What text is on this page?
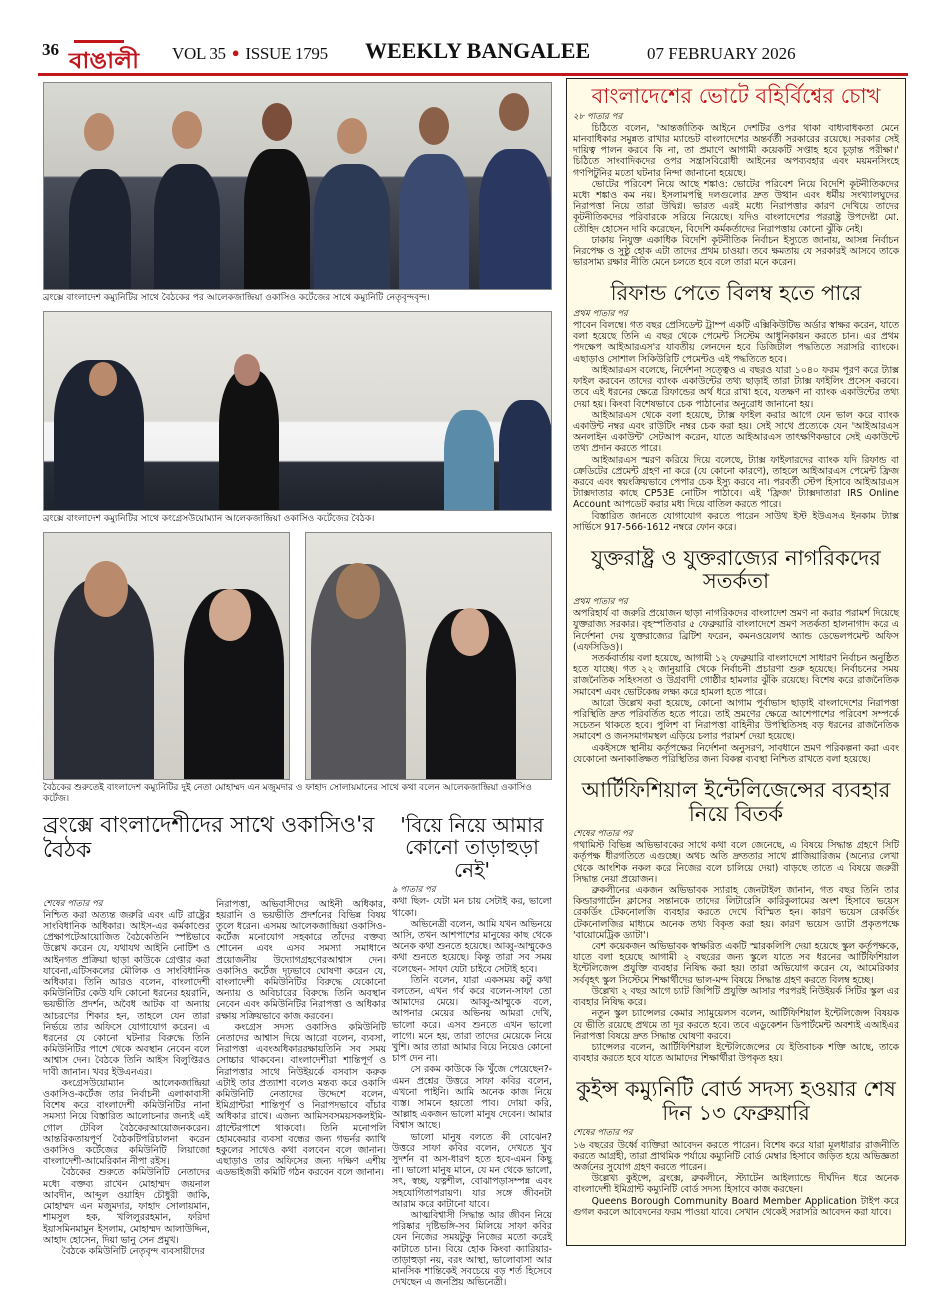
36 বাঙালী	VOL 35 ● ISSUE 1795 WEEKLY BANGALEE	07 FEBRUARY 2026
ব্রংক্সে বাংলাদেশ কম্যুনিটির সাথে বৈঠকের পর আলেকজান্দ্রিয়া ওকাসিও কর্টেজের সাথে কম্যুনিটি নেতৃবৃন্দবৃন্দ।
ব্রংক্সে বাংলাদেশ কম্যুনিটির সাথে কংগ্রেসউয়োম্যান আলেকজান্দ্রিয়া ওকাসিও কর্টেজের বৈঠক।
বৈঠকের শুরুতেই বাংলাদেশ কম্যুনিটির দুই নেতা মোহাম্মদ এন মজুমদার ও ফাহাদ সোলায়মানের সাথে কথা বলেন আলেকজান্দ্রিয়া ওকাসিও কর্টেজ।
ব্রংক্সে বাংলাদেশীদের সাথে ওকাসিও'র বৈঠক

শেষের পাতার পর

নিশ্চিত করা অত্যন্ত জরুরি এবং এটি রাষ্ট্রের সাংবিধানিক অধিকার। আইস-এর কর্মকাণ্ডের প্রেক্ষাপটেআয়োজিত বৈঠকেতিনি স্পষ্টভাবে উল্লেখ করেন যে, যথাযথ আইনি নোটিশ ও আইনগত প্রক্রিয়া ছাড়া কাউকে গ্রেপ্তার করা যাবেনা,এটিসকলের মৌলিক ও সাংবিধানিক অধিকার। তিনি আরও বলেন, বাংলাদেশী কমিউনিটির কেউ যদি কোনো ধরনের হয়রানি, ভয়ভীতি প্রদর্শন, অবৈধ আটক বা অন্যায় আচরণের শিকার হন, তাহলে যেন তারা নির্ভয়ে তার অফিসে যোগাযোগ করেন। এ ধরনের যে কোনো ঘটনার বিরুদ্ধে তিনি কমিউনিটির পাশে থেকে অবস্থান নেবেন বলে আশ্বাস দেন। বৈঠকে তিনি আইস বিলুপ্তিরও দাবী জানান। খবর ইউএনএর।

কংগ্রেসউয়োম্যান আলেকজান্দ্রিয়া ওকাসিও-কর্টেজ তার নির্বাচনী এলাকাবাসী বিশেষ করে বাংলাদেশী কমিউনিটির নানা সমস্যা নিয়ে বিস্তারিত আলোচনার জন্যই এই গোল টেবিল বৈঠকেরআয়োজনকরেন। আন্তরিকতায়পূর্ণ বৈঠকটিপরিচালনা করেন ওকাসিও কর্টেজের কমিউনিটি লিয়াজো বাংলাদেশী-আমেরিকান নীপা রইস।

বৈঠকের শুরুতে কমিউনিটি নেতাদের মধ্যে বক্তব্য রাখেন মোহাম্মদ জয়নাল আবদীন, আব্দুল ওয়াহিদ চৌধুরী জাকি, মোহাম্মদ এন মজুমদার, ফাহাদ সোলায়মান, শামসুল হক, খলিলুররহমান, ফরিদা ইয়াসমিনমামুন ইসলাম, মোহাম্মদ আলাউদ্দিন, আহাদ হোসেন, দিয়া ভানু সেন প্রমুখ।

বৈঠকে কমিউনিটি নেতৃবৃন্দ ব্যবসায়ীদের

নিরাপত্তা, অভিবাসীদের আইনী অধিকার, হয়রানি ও ভয়ভীতি প্রদর্শনের বিভিন্ন বিষয় তুলে ধরেন। এসময় আলেকজান্দ্রিয়া ওকাসিও-কর্টেজ মনোযোগ সহকারে তাঁদের বক্তব্য শোনেন এবং এসব সমস্যা সমাধানে প্রয়োজনীয় উদ্যোগগ্রহণেরআশ্বাস দেন।ওকাসিও কর্টেজ দৃঢ়ভাবে ঘোষণা করেন যে, বাংলাদেশী কমিউনিটির বিরুদ্ধে যেকোনো অন্যায় ও অবিচারের বিরুদ্ধে তিনি অবস্থান নেবেন এবং কমিউনিটির নিরাপত্তা ও অধিকার রক্ষায় সক্রিয়ভাবে কাজ করবেন।

কংগ্রেস সদস্য ওকাসিও কমিউনিটি নেতাদের আশ্বাস দিয়ে আরো বলেন, ব্যবসা, নিরাপত্তা এবংঅধিকাররক্ষায়তিনি সব সময় সোচ্চার থাকবেন। বাংলাদেশীরা শান্তিপূর্ণ ও নিরাপত্তার সাথে নিউইয়র্কে বসবাস করুক এটাই তার প্রত্যাশা বলেও মন্তব্য করে ওকাসি কমিউনিটি নেতাদের উদ্দেশে বলেন, ইমিগ্রান্টরা শান্তিপূর্ণ ও নিরাপদভাবে বাঁচার অধিকার রাখে। এজন্য আমিসবসময়সকলইমি-গ্রান্টেরপাশে থাকবো। তিনি মনোপলি হোমকেয়ার ব্যবসা বন্ধের জন্য গভর্নর ক্যাথি হকুলের সাথেও কথা বলবেন বলে জানান। এছাড়াও তার অফিসের জন্য দক্ষিণ এশীয় এডভাইজরী কমিটি গঠন করবেন বলে জানান।

'বিয়ে নিয়ে আমার কোনো তাড়াহুড়া নেই'

৯ পাতার পর

কথা ছিল- যেটা মন চায় সেটাই কর, ভালো থাকো।

অভিনেত্রী বলেন, আমি যখন অভিনয়ে আসি, তখন আশপাশের মানুষের কাছ থেকে অনেক কথা শুনতে হয়েছে। আব্বু-আম্মুকেও কথা শুনতে হয়েছে। কিন্তু তারা সব সময় বলেছেন- সাফা যেটা চাইবে সেটাই হবে।

তিনি বলেন, যারা একসময় কটু কথা বলতেন, এখন গর্ব করে বলেন-সাফা তো আমাদের মেয়ে। আব্বু-আম্মুকে বলে, আপনার মেয়ের অভিনয় আমরা দেখি, ভালো করে। এসব শুনতে এখন ভালো লাগে। মনে হয়, তারা তাদের মেয়েকে নিয়ে খুশি। আর তারা আমার বিয়ে নিয়েও কোনো চাপ দেন না।

সে রকম কাউকে কি খুঁজে পেয়েছেন?- এমন প্রশ্নের উত্তরে সাফা কবির বলেন, এখনো পাইনি। আমি অনেক কাজ নিয়ে ব্যস্ত। সামনে হয়তো পাব। দোয়া করি, আল্লাহ একজন ভালো মানুষ দেবেন। আমার বিশ্বাস আছে।

ভালো মানুষ বলতে কী বোঝেন? উত্তরে সাফা কবির বলেন, দেখতে খুব সুদর্শন বা অস-ধারণ হতে হবে-এমন কিছু না। ভালো মানুষ মানে, যে মন থেকে ভালো, সৎ, স্বচ্ছ, যত্নশীল, বোঝাপড়াসম্পন্ন এবং সহযোগিতাপরায়ণ। যার সঙ্গে জীবনটা আরাম করে কাটানো যাবে।

আত্মবিশ্বাসী সিদ্ধান্ত আর জীবন নিয়ে পরিষ্কার দৃষ্টিভঙ্গি-সব মিলিয়ে সাফা কবির যেন নিজের সময়টুকু নিজের মতো করেই কাটাতে চান। বিয়ে হোক কিংবা ক্যারিয়ার-তাড়াহুড়া নয়, বরং আস্থা, ভালোবাসা আর মানসিক শান্তিকেই সবচেয়ে বড় শর্ত হিসেবে দেখছেন এ জনপ্রিয় অভিনেত্রী।

বাংলাদেশের ভোটে বহির্বিশ্বের চোখ

২৮ পাতার পর

চিঠিতে বলেন, 'আন্তর্জাতিক আইনে দেশটির ওপর থাকা বাধ্যবাধকতা মেনে মানবাধিকার সমুন্নত রাখার ম্যান্ডেট বাংলাদেশের অন্তর্বর্তী সরকারের রয়েছে। সরকার সেই দায়িত্ব পালন করবে কি না, তা প্রমাণে আগামী কয়েকটি সপ্তাহ হবে চূড়ান্ত পরীক্ষা।' চিঠিতে সাংবাদিকদের ওপর সন্ত্রাসবিরোধী আইনের অপব্যবহার এবং ময়মনসিংহে গণপিটুনির মতো ঘটনার নিন্দা জানানো হয়েছে।

ভোটের পরিবেশ নিয়ে আছে শঙ্কাও: ভোটের পরিবেশ নিয়ে বিদেশি কূটনীতিকদের মধ্যে শঙ্কাও কম নয়। ইসলামপন্থি দলগুলোর দ্রুত উত্থান এবং ধর্মীয় সংখ্যালঘুদের নিরাপত্তা নিয়ে তারা উদ্বিগ্ন। ভারত এরই মধ্যে নিরাপত্তার কারণ দেখিয়ে তাদের কূটনীতিকদের পরিবারকে সরিয়ে নিয়েছে। যদিও বাংলাদেশের পররাষ্ট্র উপদেষ্টা মো. তৌহিদ হোসেন দাবি করেছেন, বিদেশি কর্মকর্তাদের নিরাপত্তায় কোনো ঝুঁকি নেই।

ঢাকায় নিযুক্ত একাধিক বিদেশি কূটনীতিক নির্বাচন ইস্যুতে জানায়, আসন্ন নির্বাচন নিরপেক্ষ ও সুষ্ঠু হোক এটা তাদের প্রথম চাওয়া। তবে ক্ষমতায় যে সরকারই আসবে তাকে ভারসাম্য রক্ষার নীতি মেনে চলতে হবে বলে তারা মনে করেন।

রিফান্ড পেতে বিলম্ব হতে পারে

প্রথম পাতার পর

পাবেন বিলম্বে। গত বছর প্রেসিডেন্ট ট্রাম্প একটি এক্সিকিউটিভ অর্ডার স্বাক্ষর করেন, যাতে বলা হয়েছে তিনি এ বছর থেকে পেমেন্ট সিস্টেম আধুনিকায়ন করতে চান। এর প্রথম পদক্ষেপ আইআরএস'র যাবতীয় লেনদেন হবে ডিজিটাল পদ্ধতিতে সরাসরি ব্যাংকে। এছাড়াও সোশাল সিকিউরিটি পেমেন্টও এই পদ্ধতিতে হবে।

আইআরএস বলেছে, নির্দেশনা সত্ত্বেও এ বছরও যারা ১০৪০ ফরম পূরণ করে ট্যাক্স ফাইল করবেন তাদের ব্যাংক একাউন্টের তথ্য ছাড়াই তারা ট্যাক্স ফাইলিং প্রসেস করবে। তবে এই ধরনের ক্ষেত্রে রিফান্ডের অর্থ ধরে রাখা হবে, যতক্ষণ না ব্যাংক একাউন্টের তথ্য দেয়া হয়। কিংবা বিশেষভাবে চেক পাঠানোর অনুরোধ জানানো হয়।

আইআরএস থেকে বলা হয়েছে, ট্যাক্স ফাইল করার আগে যেন ভাল করে ব্যাংক একাউন্ট নম্বর এবং রাউটিং নম্বর চেক করা হয়। সেই সাথে প্রত্যেকে যেন 'আইআরএস অনলাইন একাউন্ট' সেটআপ করেন, যাতে আইআরএস তাৎক্ষণিকভাবে সেই একাউন্টে তথ্য প্রদান করতে পারে।

আইআরএস স্মরণ করিয়ে দিয়ে বলেছে, ট্যাক্স ফাইলারদের ব্যাংক যদি রিফান্ড বা ক্রেডিটের প্রেমেন্ট গ্রহণ না করে (যে কোনো কারণে), তাহলে আইআরএস পেমেন্ট ফ্রিজ করবে এবং স্বয়ংক্রিয়ভাবে পেপার চেক ইস্যু করবে না। পরবর্তী স্টেপ হিসাবে আইআরএস ট্যাক্সদাতার কাছে CP53E নোটিস পাঠাবে। এই 'ফ্রিজ' ট্যাক্সদাতারা IRS Online Account আপডেট করার মধ্য দিয়ে বাতিল করতে পারে।

বিস্তারিত জানতে যোগাযোগ করতে পারেন সাউথ ইস্ট ইউএসএ ইনকাম ট্যাক্স সার্ভিসে 917-566-1612 নম্বরে ফোন করে।

যুক্তরাষ্ট্র ও যুক্তরাজ্যের নাগরিকদের সতর্কতা

প্রথম পাতার পর

অপরিহার্য বা জরুরি প্রয়োজন ছাড়া নাগরিকদের বাংলাদেশ ভ্রমণ না করার পরামর্শ দিয়েছে যুক্তরাজ্য সরকার। বৃহস্পতিবার ৫ ফেব্রুয়ারি বাংলাদেশে ভ্রমণ সতর্কতা হালনাগাদ করে এ নির্দেশনা দেয় যুক্তরাজ্যের ব্রিটিশ ফরেন, কমনওয়েলথ অ্যান্ড ডেভেলপমেন্ট অফিস (এফসিডিও)।

সতর্কবার্তায় বলা হয়েছে, আগামী ১২ ফেব্রুয়ারি বাংলাদেশে সাধারণ নির্বাচন অনুষ্ঠিত হতে যাচ্ছে। গত ২২ জানুয়ারি থেকে নির্বাচনী প্রচারণা শুরু হয়েছে। নির্বাচনের সময় রাজনৈতিক সহিংসতা ও উগ্রবাদী গোষ্ঠীর হামলার ঝুঁকি রয়েছে। বিশেষ করে রাজনৈতিক সমাবেশ এবং ভোটকেন্দ্র লক্ষ্য করে হামলা হতে পারে।

আরো উল্লেখ করা হয়েছে, কোনো আগাম পূর্বাভাস ছাড়াই বাংলাদেশের নিরাপত্তা পরিস্থিতি দ্রুত পরিবর্তিত হতে পারে। তাই ভ্রমণের ক্ষেত্রে আশেপাশের পরিবেশ সম্পর্কে সচেতন থাকতে হবে। পুলিশ বা নিরাপত্তা বাহিনীর উপস্থিতিসহ বড় ধরনের রাজনৈতিক সমাবেশ ও জনসমাগমস্থল এড়িয়ে চলার পরামর্শ দেয়া হয়েছে।

একইসঙ্গে স্থানীয় কর্তৃপক্ষের নির্দেশনা অনুসরণ, সাবধানে ভ্রমণ পরিকল্পনা করা এবং যেকোনো অনাকাঙ্ক্ষিত পরিস্থিতির জন্য বিকল্প ব্যবস্থা নিশ্চিত রাখতে বলা হয়েছে।

আর্টিফিশিয়াল ইন্টেলিজেন্সের ব্যবহার নিয়ে বিতর্ক

শেষের পাতার পর

গথামিস্ট বিভিন্ন অভিভাবকের সাথে কথা বলে জেনেছে, এ বিষয়ে সিদ্ধান্ত গ্রহণে সিটি কর্তৃপক্ষ ধীরগতিতে এগুচ্ছে। অথচ অতি দ্রুততার সাথে প্লাজিয়ারিজম (অন্যের লেখা থেকে আংশিক নকল করে নিজের বলে চালিয়ে দেয়া) বাড়ছে তাতে এ বিষয়ে জরুরী সিদ্ধান্ত নেয়া প্রয়োজন।

ব্রুকলীনের একজন অভিভাবক স্যারাহ জেনটাইল জানান, গত বছর তিনি তার কিন্ডারগার্টেন ক্লাসের সন্তানকে তাদের লিটারেসি কারিকুলামের অংশ হিসাবে ভয়েস রেকর্ডিং টেকনোলজি ব্যবহার করতে দেখে বিস্মিত হন। কারণ ভয়েস রেকর্ডিং টেকনোলজির মাধ্যমে অনেক তথ্য বিকৃত করা হয়। কারণ ভয়েস ড্যাটা প্রকৃতপক্ষে 'বায়োমেট্রিক ড্যাটা'।

বেশ কয়েকজন অভিভাবক স্বাক্ষরিত একটি স্মারকলিপি দেয়া হয়েছে স্কুল কর্তৃপক্ষকে, যাতে বলা হয়েছে আগামী ২ বছরের জন্য স্কুলে যাতে সব ধরনের আর্টিফিশিয়াল ইন্টেলিজেন্স প্রযুক্তি ব্যবহার নিষিদ্ধ করা হয়। তারা অভিযোগ করেন যে, আমেরিকার সর্ববৃহৎ স্কুল সিস্টেমে শিক্ষার্থীদের ভাল-মন্দ বিষয়ে সিদ্ধান্ত গ্রহণ করতে বিলম্ব হচ্ছে।

উল্লেখ্য ২ বছর আগে চ্যাট জিপিটি প্রযুক্তি আসার পরপরই নিউইয়র্ক সিটির স্কুল এর ব্যবহার নিষিদ্ধ করে।

নতুন স্কুল চ্যান্সেলর কেমার স্যামুয়েলস বলেন, আর্টিফিশিয়াল ইন্টেলিজেন্স বিষয়ক যে ভীতি রয়েছে প্রথমে তা দূর করতে হবে। তবে এডুকেশন ডিপার্টমেন্ট অবশ্যই এআইএর নিরাপত্তা বিষয়ে দ্রুত সিদ্ধান্ত ঘোষণা করবে।

চ্যান্সেলর বলেন, আর্টিফিশিয়াল ইন্টেলিজেন্সের যে ইতিবাচক শক্তি আছে, তাকে ব্যবহার করতে হবে যাতে আমাদের শিক্ষার্থীরা উপকৃত হয়।

কুইন্স কম্যুনিটি বোর্ড সদস্য হওয়ার শেষ দিন ১৩ ফেব্রুয়ারি

শেষের পাতার পর

১৬ বছরের উর্ধ্বে ব্যক্তিরা আবেদন করতে পারেন। বিশেষ করে যারা মূলধারার রাজনীতি করতে আগ্রহী, তারা প্রাথমিক পর্যায়ে কম্যুনিটি বোর্ড মেম্বার হিসাবে জড়িত হয়ে অভিজ্ঞতা অর্জনের সুযোগ গ্রহণ করতে পারেন।

উল্লেখ্য কুইন্সে, ব্রংক্সে, ব্রুকলীনে, স্ট্যাটেন আইল্যান্ডে দীর্ঘদিন ধরে অনেক বাংলাদেশী ইমিগ্রান্ট কম্যুনিটি বোর্ড সদস্য হিসাবে কাজ করছেন।

Queens Borough Community Board Member Application টাইপ করে গুগল করলে আবেদনের ফরম পাওয়া যাবে। সেখান থেকেই সরাসরি আবেদন করা যাবে।
